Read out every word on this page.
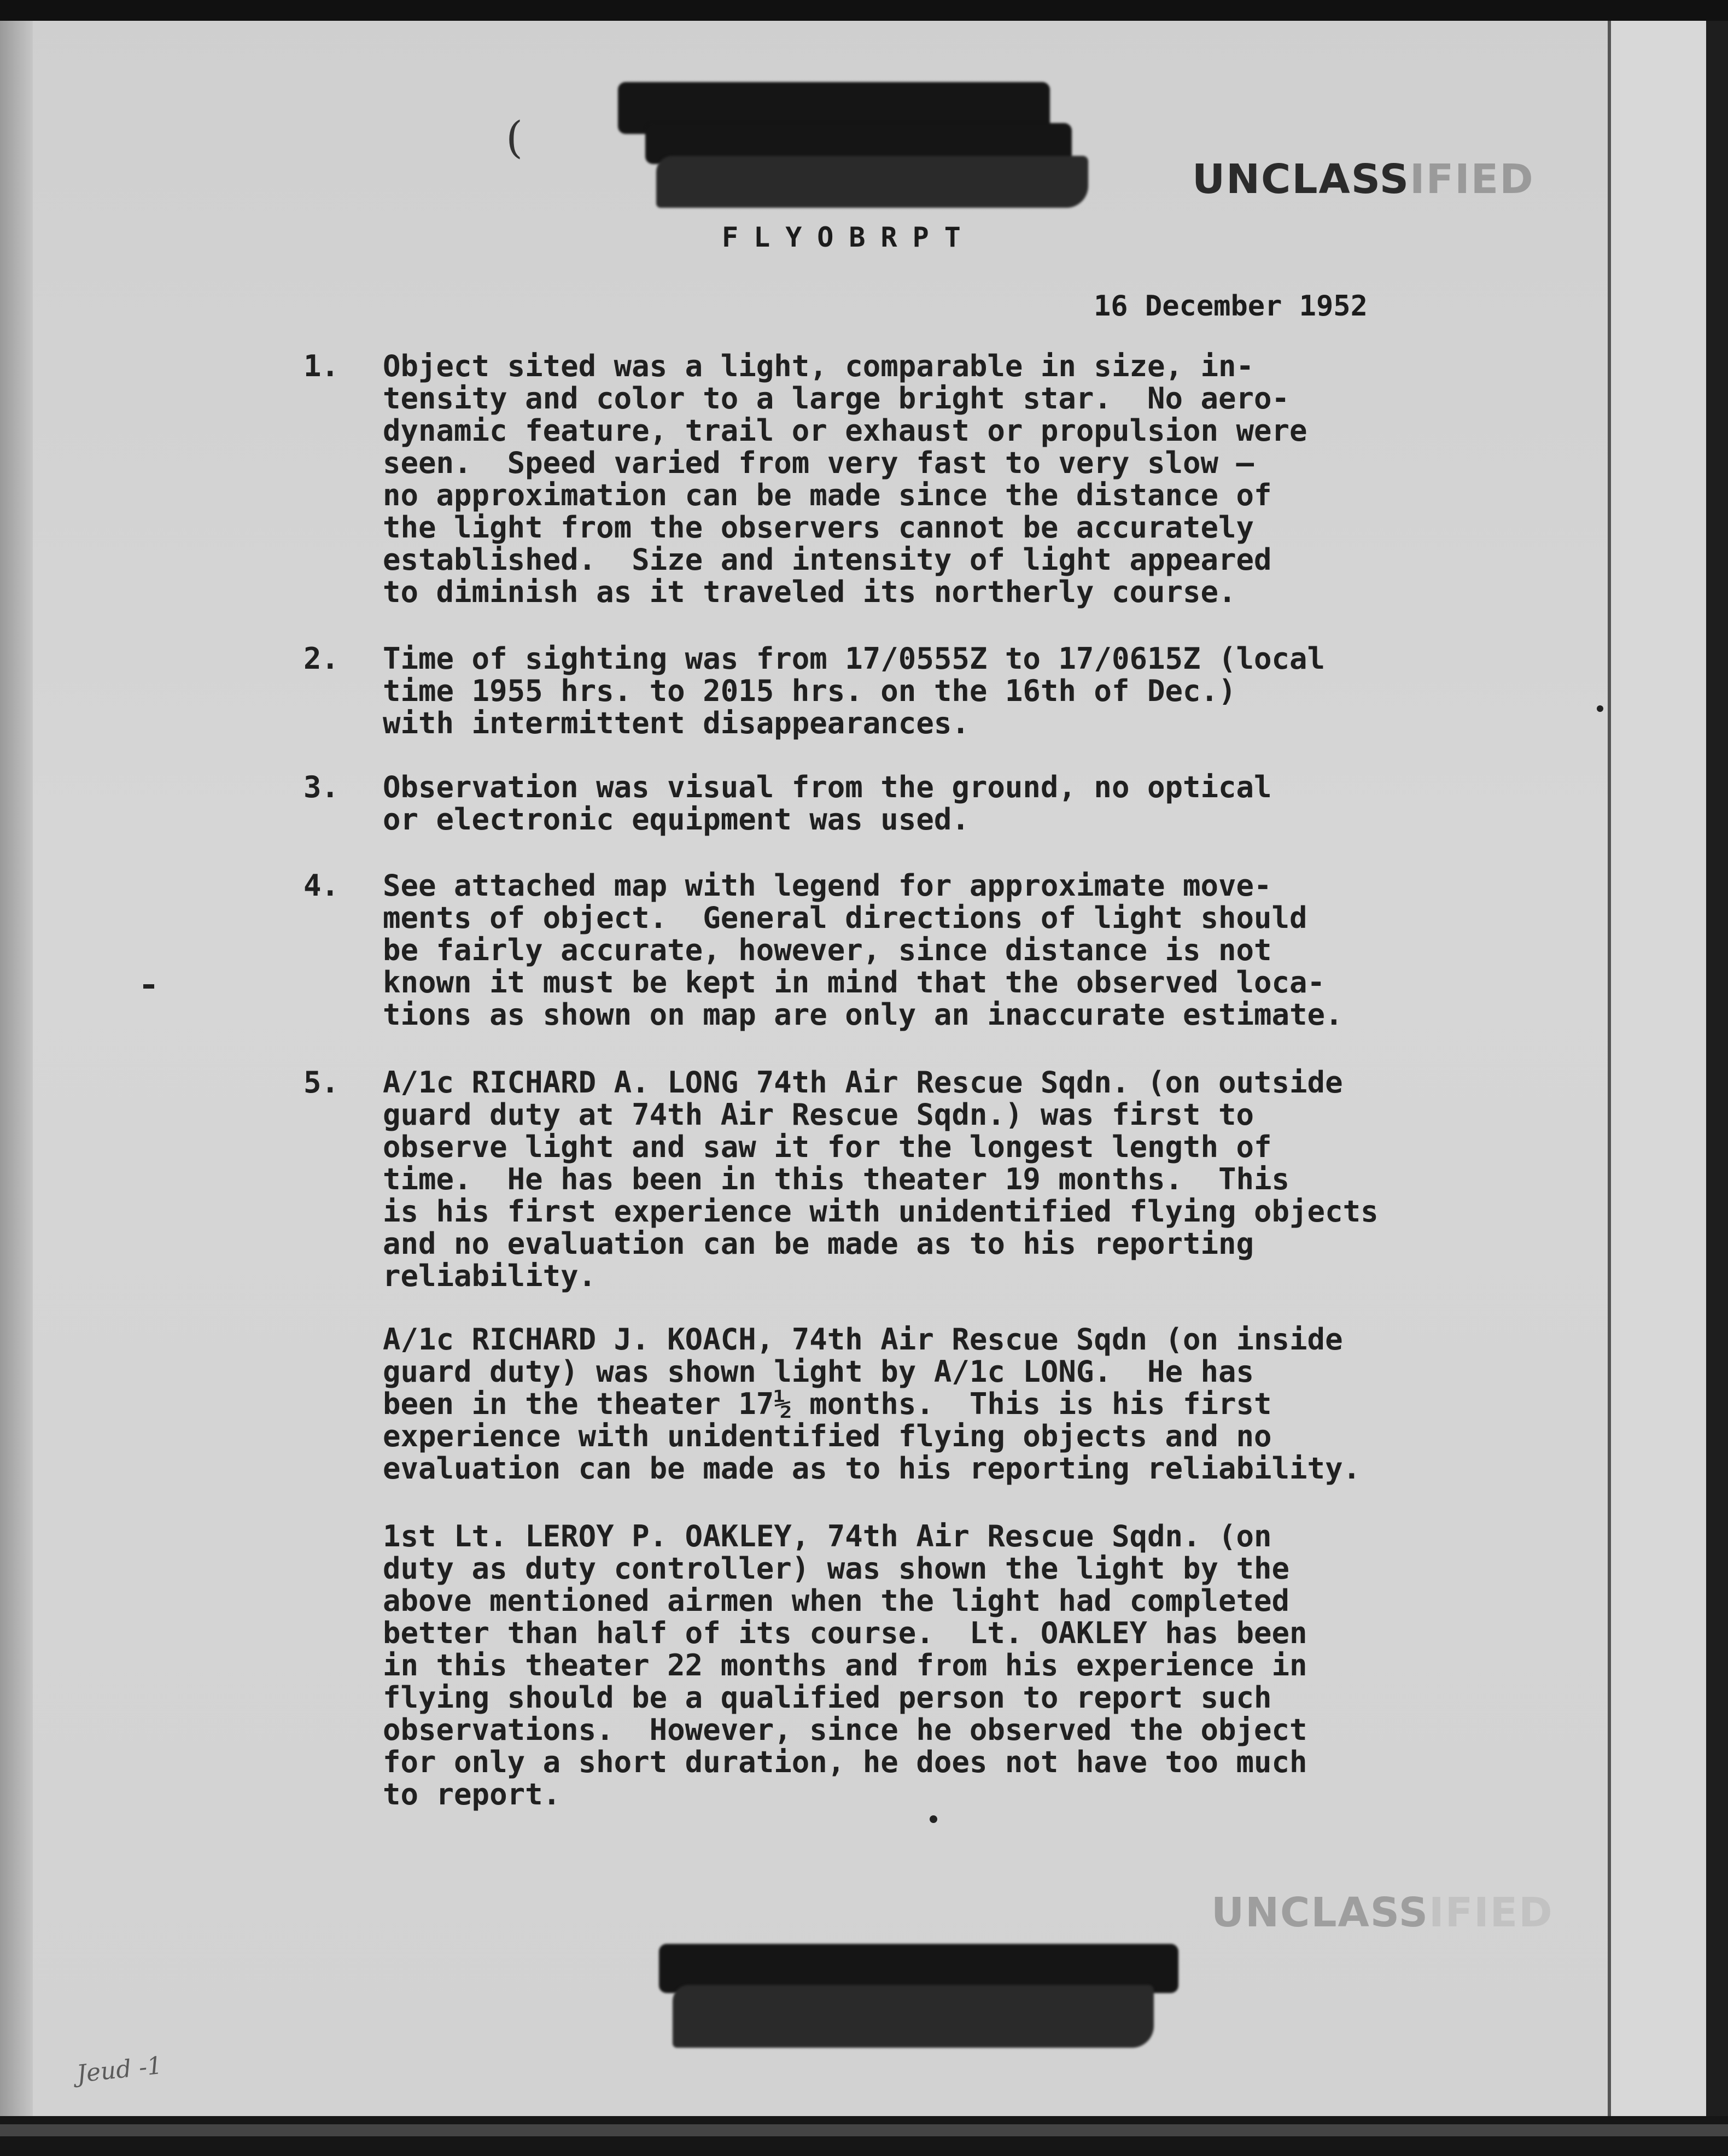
(
UNCLASSIFIED
FLYOBRPT
16 December 1952
1. Object sited was a light, comparable in size, in-
tensity and color to a large bright star.  No aero-
dynamic feature, trail or exhaust or propulsion were
seen.  Speed varied from very fast to very slow —
no approximation can be made since the distance of
the light from the observers cannot be accurately
established.  Size and intensity of light appeared
to diminish as it traveled its northerly course.
2. Time of sighting was from 17/0555Z to 17/0615Z (local
time 1955 hrs. to 2015 hrs. on the 16th of Dec.)
with intermittent disappearances.
3. Observation was visual from the ground, no optical
or electronic equipment was used.
4. See attached map with legend for approximate move-
ments of object.  General directions of light should
be fairly accurate, however, since distance is not
known it must be kept in mind that the observed loca-
tions as shown on map are only an inaccurate estimate.
5. A/1c RICHARD A. LONG 74th Air Rescue Sqdn. (on outside
guard duty at 74th Air Rescue Sqdn.) was first to
observe light and saw it for the longest length of
time.  He has been in this theater 19 months.  This
is his first experience with unidentified flying objects
and no evaluation can be made as to his reporting
reliability.
A/1c RICHARD J. KOACH, 74th Air Rescue Sqdn (on inside
guard duty) was shown light by A/1c LONG.  He has
been in the theater 17½ months.  This is his first
experience with unidentified flying objects and no
evaluation can be made as to his reporting reliability.
1st Lt. LEROY P. OAKLEY, 74th Air Rescue Sqdn. (on
duty as duty controller) was shown the light by the
above mentioned airmen when the light had completed
better than half of its course.  Lt. OAKLEY has been
in this theater 22 months and from his experience in
flying should be a qualified person to report such
observations.  However, since he observed the object
for only a short duration, he does not have too much
to report.
UNCLASSIFIED
Jeud -1
